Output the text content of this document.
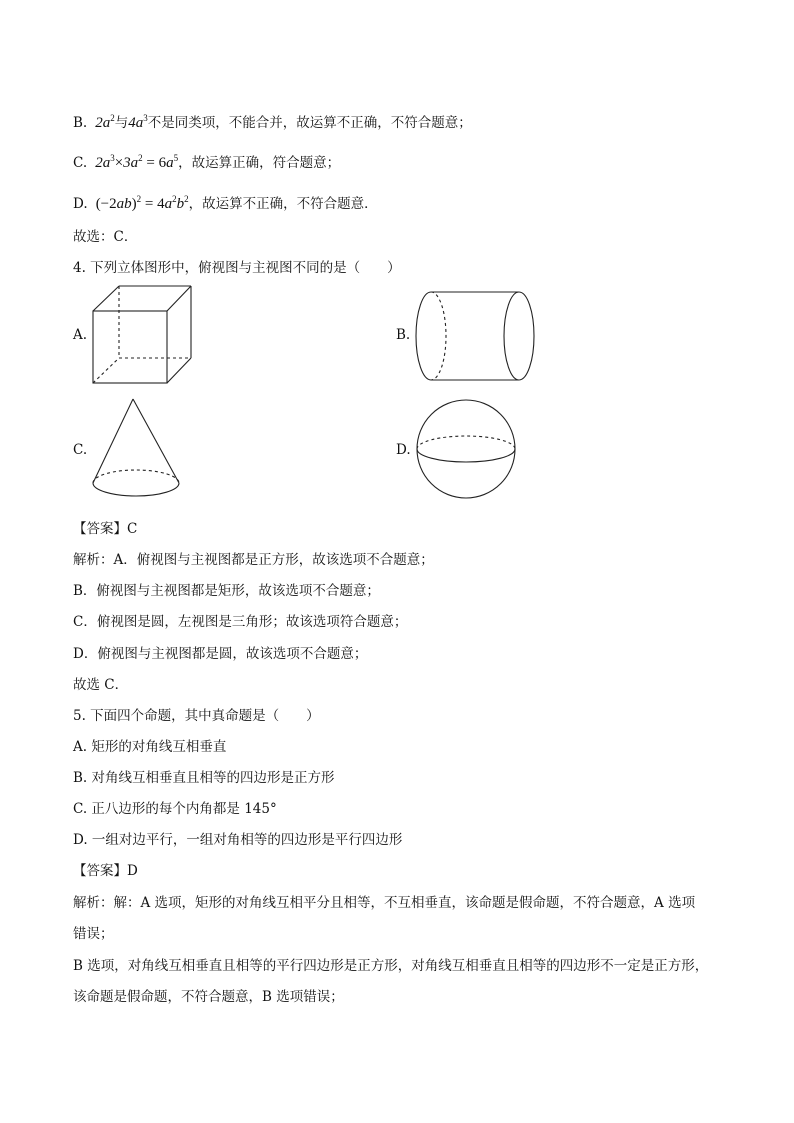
B.  $2a^2$与$4a^3$不是同类项，不能合并，故运算不正确，不符合题意；
C.  $2a^3\times 3a^2 = 6a^5$，故运算正确，符合题意；
D. $(-2ab)^2 = 4a^2b^2$，故运算不正确，不符合题意．
故选：C．
4. 下列立体图形中，俯视图与主视图不同的是（　　）
A.	B.
C.	D.
【答案】C
解析：A．俯视图与主视图都是正方形，故该选项不合题意；
B．俯视图与主视图都是矩形，故该选项不合题意；
C．俯视图是圆，左视图是三角形；故该选项符合题意；
D．俯视图与主视图都是圆，故该选项不合题意；
故选 C．
5. 下面四个命题，其中真命题是（　　）
A. 矩形的对角线互相垂直
B. 对角线互相垂直且相等的四边形是正方形
C. 正八边形的每个内角都是 145°
D. 一组对边平行，一组对角相等的四边形是平行四边形
【答案】D
解析：解：A 选项，矩形的对角线互相平分且相等，不互相垂直，该命题是假命题，不符合题意，A 选项
错误；
B 选项，对角线互相垂直且相等的平行四边形是正方形，对角线互相垂直且相等的四边形不一定是正方形，
该命题是假命题，不符合题意，B 选项错误；
